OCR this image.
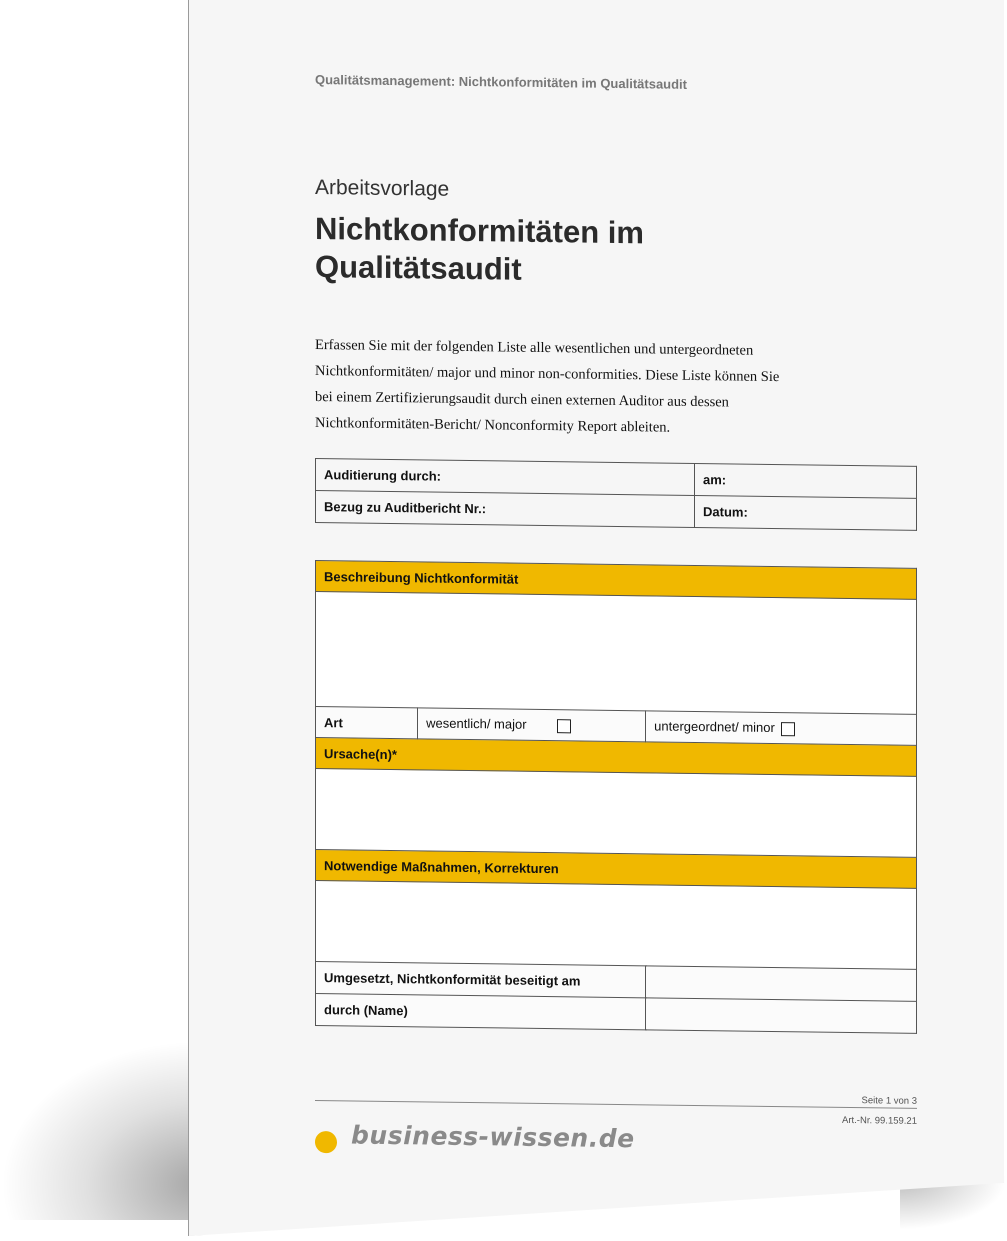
Qualitätsmanagement: Nichtkonformitäten im Qualitätsaudit
Arbeitsvorlage
Nichtkonformitäten im Qualitätsaudit
Erfassen Sie mit der folgenden Liste alle wesentlichen und untergeordneten Nichtkonformitäten/ major und minor non-conformities. Diese Liste können Sie bei einem Zertifizierungsaudit durch einen externen Auditor aus dessen Nichtkonformitäten-Bericht/ Nonconformity Report ableiten.
Auditierung durch:	am:
Bezug zu Auditbericht Nr.:	Datum:
Beschreibung Nichtkonformität		

Art	wesentlich/ major	untergeordnet/ minor
Ursache(n)*		

Notwendige Maßnahmen, Korrekturen		

Umgesetzt, Nichtkonformität beseitigt am		
durch (Name)		
Seite 1 von 3
Art.-Nr. 99.159.21
business-wissen.de
